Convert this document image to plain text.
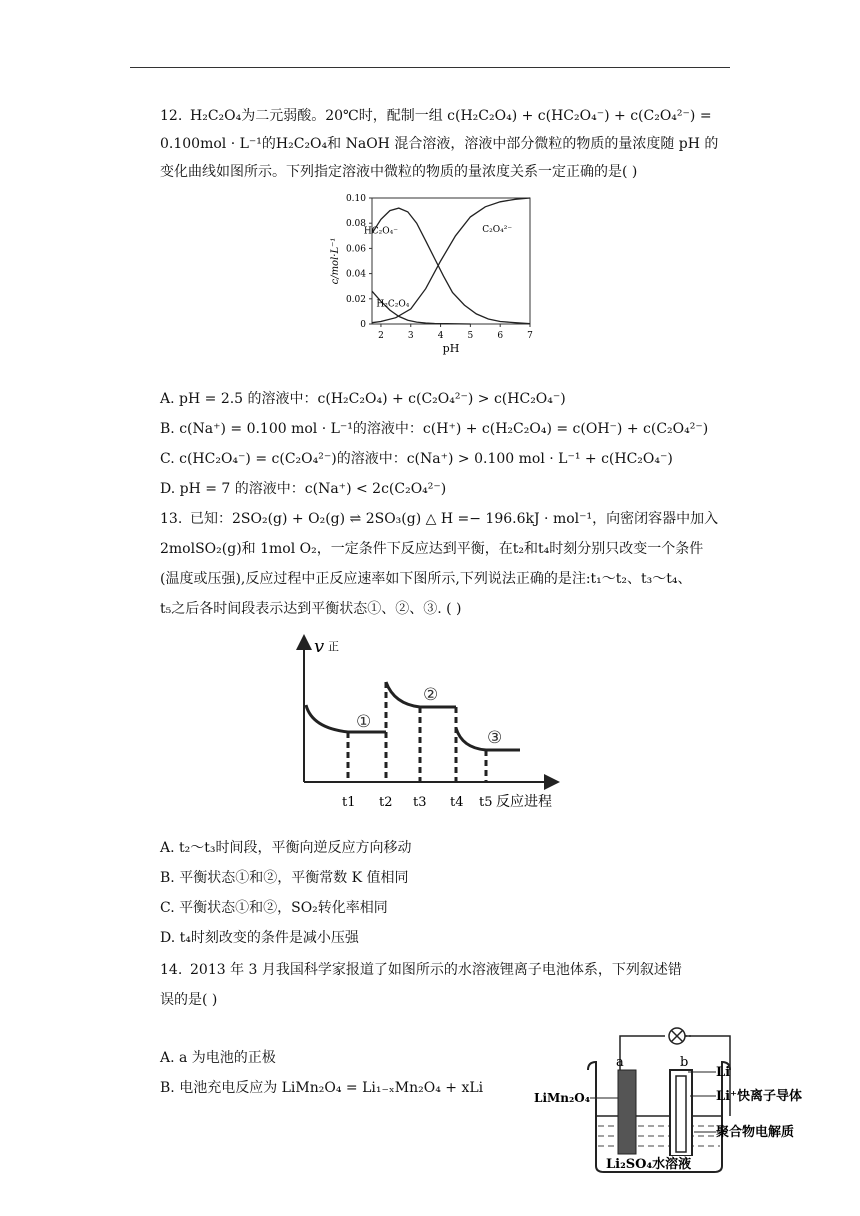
12. H₂C₂O₄为二元弱酸。20℃时，配制一组 c(H₂C₂O₄) + c(HC₂O₄⁻) + c(C₂O₄²⁻) =
0.100mol · L⁻¹的H₂C₂O₄和 NaOH 混合溶液，溶液中部分微粒的物质的量浓度随 pH 的
变化曲线如图所示。下列指定溶液中微粒的物质的量浓度关系一定正确的是( )
0
0.02
0.04
0.06
0.08
0.10
2	3	4	5	6	7
pH
c/mol·L⁻¹
H₂C₂O₄
HC₂O₄⁻	C₂O₄²⁻
A. pH = 2.5 的溶液中：c(H₂C₂O₄) + c(C₂O₄²⁻) > c(HC₂O₄⁻)
B. c(Na⁺) = 0.100 mol · L⁻¹的溶液中：c(H⁺) + c(H₂C₂O₄) = c(OH⁻) + c(C₂O₄²⁻)
C. c(HC₂O₄⁻) = c(C₂O₄²⁻)的溶液中：c(Na⁺) > 0.100 mol · L⁻¹ + c(HC₂O₄⁻)
D. pH = 7 的溶液中：c(Na⁺) < 2c(C₂O₄²⁻)
13. 已知：2SO₂(g) + O₂(g) ⇌ 2SO₃(g) △ H =− 196.6kJ · mol⁻¹，向密闭容器中加入
2molSO₂(g)和 1mol O₂，一定条件下反应达到平衡，在t₂和t₄时刻分别只改变一个条件
(温度或压强),反应过程中正反应速率如下图所示,下列说法正确的是注:t₁～t₂、t₃～t₄、
t₅之后各时间段表示达到平衡状态①、②、③. ( )
v 正
①
②
③
t1 t2 t3 t4 t5 反应进程
A. t₂～t₃时间段，平衡向逆反应方向移动
B. 平衡状态①和②，平衡常数 K 值相同
C. 平衡状态①和②，SO₂转化率相同
D. t₄时刻改变的条件是减小压强
14. 2013 年 3 月我国科学家报道了如图所示的水溶液锂离子电池体系，下列叙述错
误的是( )
A. a 为电池的正极
B. 电池充电反应为 LiMn₂O₄ = Li₁₋ₓMn₂O₄ + xLi
a	b
Li₂SO₄水溶液
LiMn₂O₄
Li
Li⁺快离子导体
聚合物电解质
